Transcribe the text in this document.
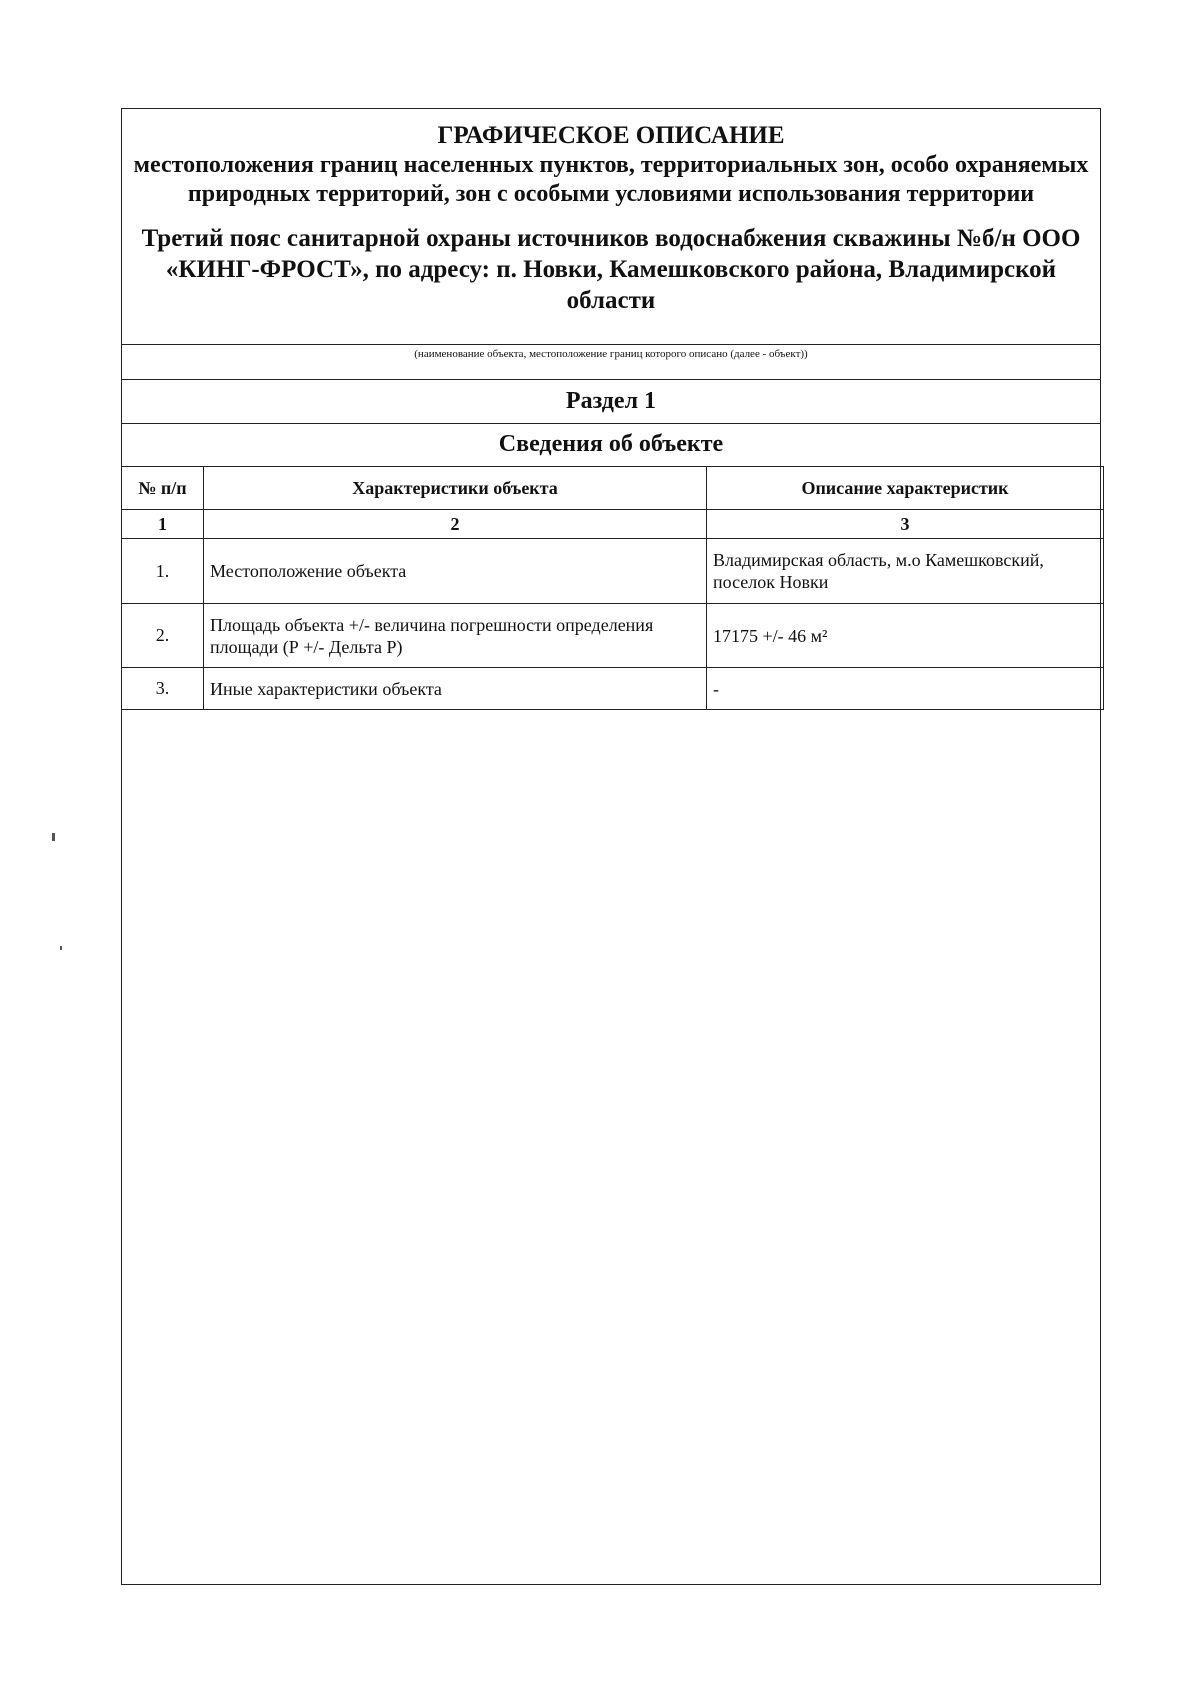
ГРАФИЧЕСКОЕ ОПИСАНИЕ
местоположения границ населенных пунктов, территориальных зон, особо охраняемых природных территорий, зон с особыми условиями использования территории
Третий пояс санитарной охраны источников водоснабжения скважины №б/н ООО «КИНГ-ФРОСТ», по адресу: п. Новки, Камешковского района, Владимирской области
(наименование объекта, местоположение границ которого описано (далее - объект))
Раздел 1
Сведения об объекте
№ п/п	Характеристики объекта	Описание характеристик
1	2	3
1.	Местоположение объекта	Владимирская область, м.о Камешковский, поселок Новки
2.	Площадь объекта +/- величина погрешности определения площади (Р +/- Дельта Р)	17175 +/- 46 м²
3.	Иные характеристики объекта	-
